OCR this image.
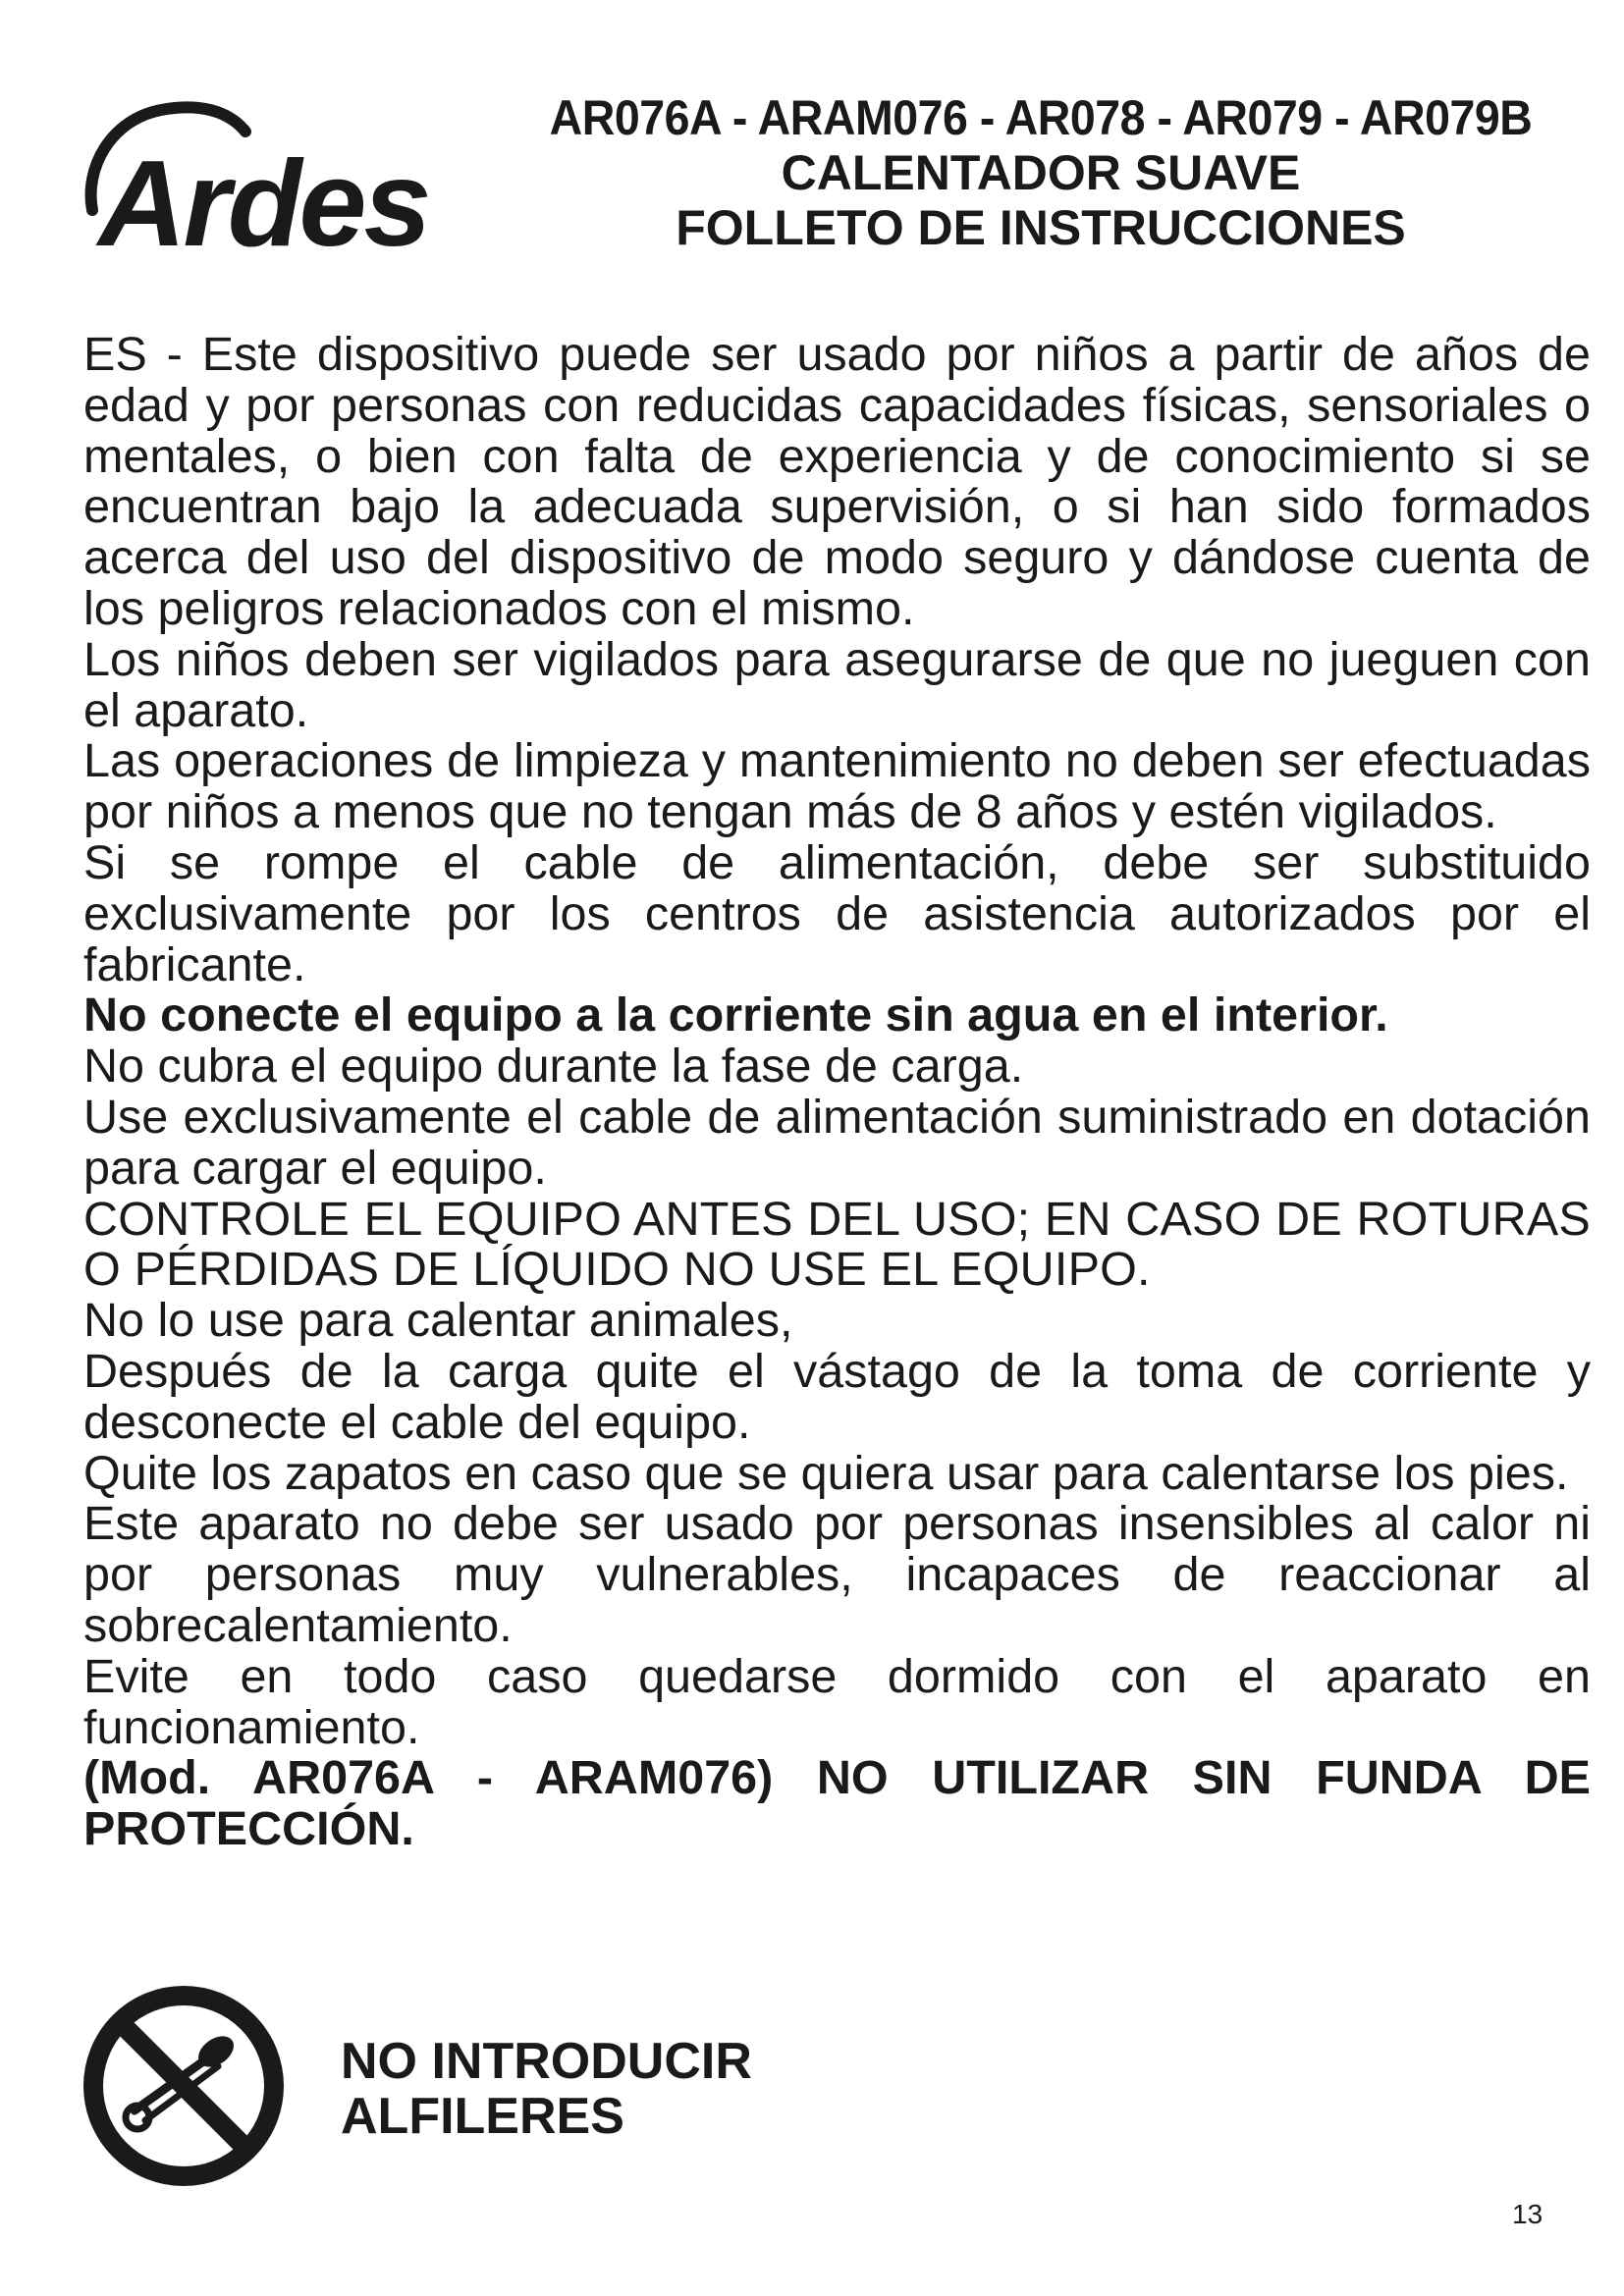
Ardes
AR076A - ARAM076 - AR078 - AR079 - AR079B
CALENTADOR SUAVE
FOLLETO DE INSTRUCCIONES

ES - Este dispositivo puede ser usado por niños a partir de años de edad y por personas con reducidas capacidades físicas, sensoriales o mentales, o bien con falta de experiencia y de conocimiento si se encuentran bajo la adecuada supervisión, o si han sido formados acerca del uso del dispositivo de modo seguro y dándose cuenta de los peligros relacionados con el mismo.

Los niños deben ser vigilados para asegurarse de que no jueguen con el aparato.

Las operaciones de limpieza y mantenimiento no deben ser efectuadas por niños a menos que no tengan más de 8 años y estén vigilados.

Si se rompe el cable de alimentación, debe ser substituido exclusivamente por los centros de asistencia autorizados por el fabricante.

No conecte el equipo a la corriente sin agua en el interior.

No cubra el equipo durante la fase de carga.

Use exclusivamente el cable de alimentación suministrado en dotación para cargar el equipo.

CONTROLE EL EQUIPO ANTES DEL USO; EN CASO DE ROTURAS O PÉRDIDAS DE LÍQUIDO NO USE EL EQUIPO.

No lo use para calentar animales,

Después de la carga quite el vástago de la toma de corriente y desconecte el cable del equipo.

Quite los zapatos en caso que se quiera usar para calentarse los pies.

Este aparato no debe ser usado por personas insensibles al calor ni por personas muy vulnerables, incapaces de reaccionar al sobrecalentamiento.

Evite en todo caso quedarse dormido con el aparato en funcionamiento.

(Mod. AR076A - ARAM076) NO UTILIZAR SIN FUNDA DE PROTECCIÓN.

NO INTRODUCIR
ALFILERES
13
